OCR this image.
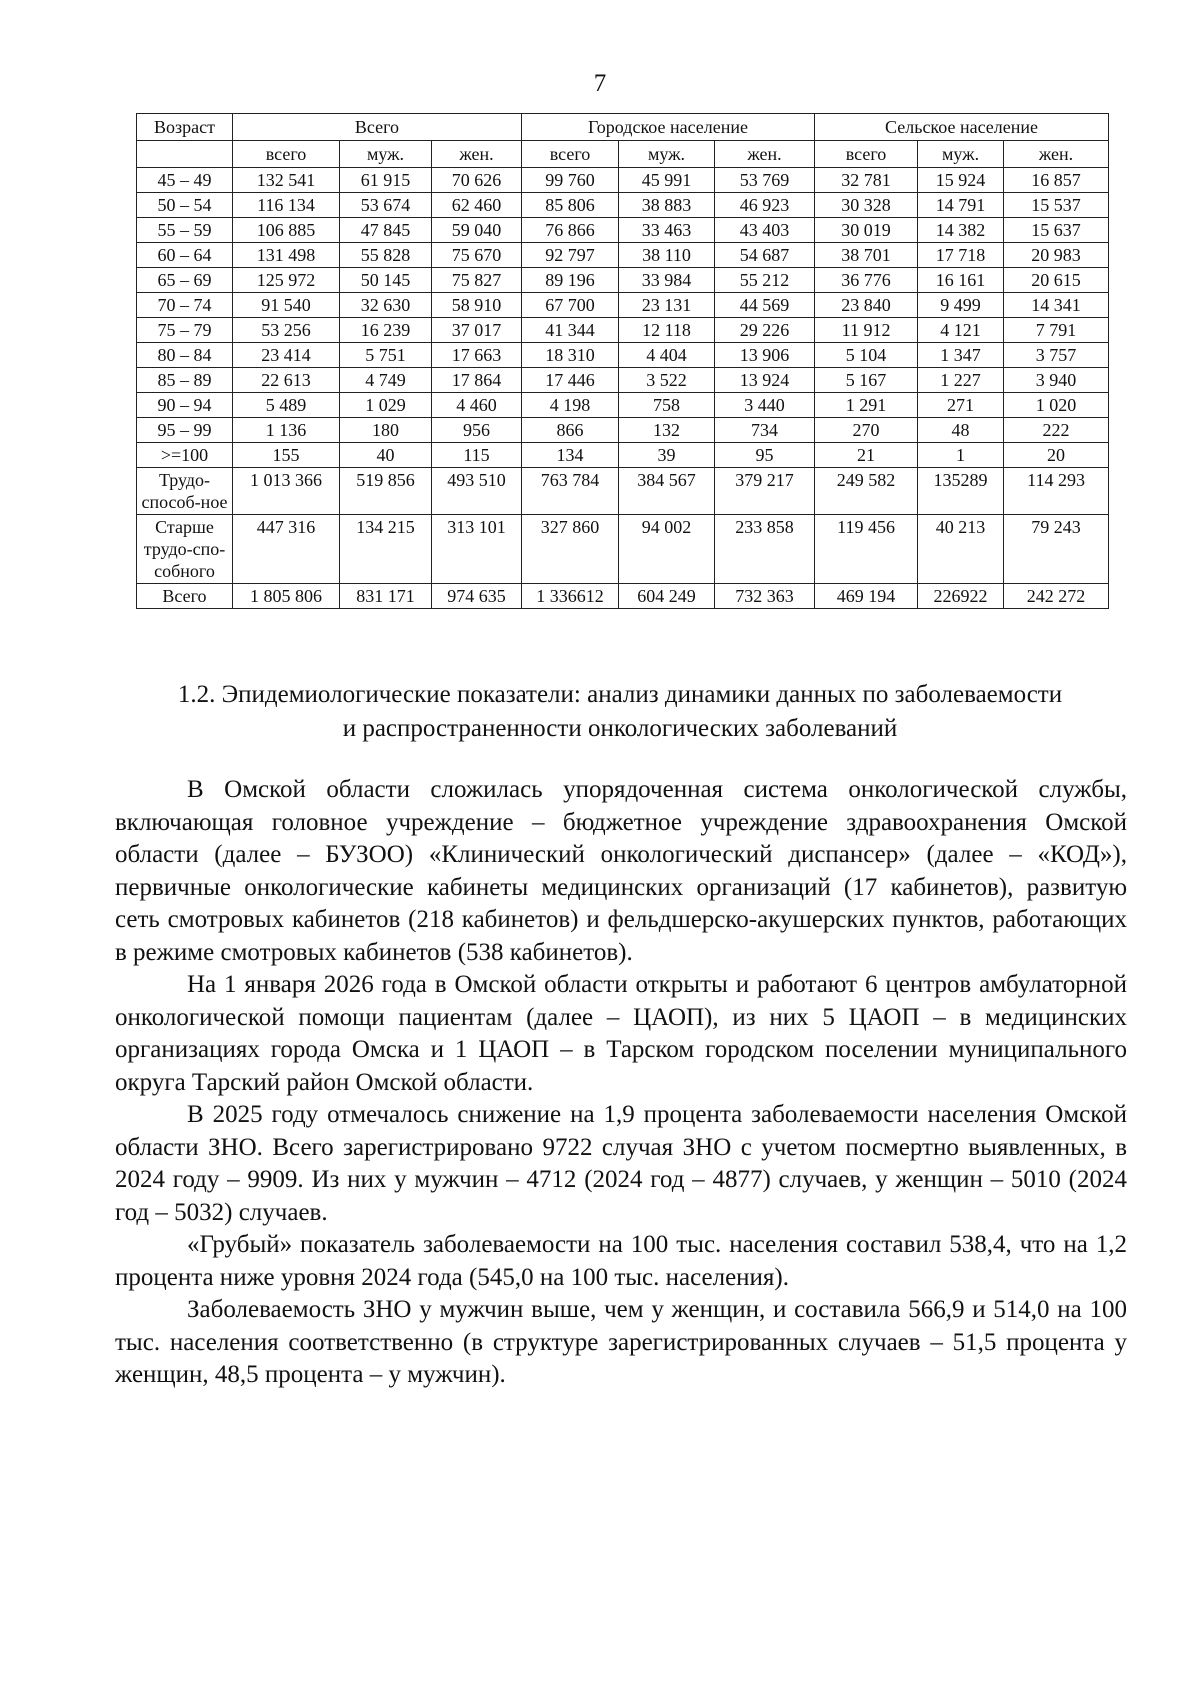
7
Возраст	Всего			Городское население			Сельское население		
	всего	муж.	жен.	всего	муж.	жен.	всего	муж.	жен.
45 – 49	132 541	61 915	70 626	99 760	45 991	53 769	32 781	15 924	16 857
50 – 54	116 134	53 674	62 460	85 806	38 883	46 923	30 328	14 791	15 537
55 – 59	106 885	47 845	59 040	76 866	33 463	43 403	30 019	14 382	15 637
60 – 64	131 498	55 828	75 670	92 797	38 110	54 687	38 701	17 718	20 983
65 – 69	125 972	50 145	75 827	89 196	33 984	55 212	36 776	16 161	20 615
70 – 74	91 540	32 630	58 910	67 700	23 131	44 569	23 840	9 499	14 341
75 – 79	53 256	16 239	37 017	41 344	12 118	29 226	11 912	4 121	7 791
80 – 84	23 414	5 751	17 663	18 310	4 404	13 906	5 104	1 347	3 757
85 – 89	22 613	4 749	17 864	17 446	3 522	13 924	5 167	1 227	3 940
90 – 94	5 489	1 029	4 460	4 198	758	3 440	1 291	271	1 020
95 – 99	1 136	180	956	866	132	734	270	48	222
>=100	155	40	115	134	39	95	21	1	20
Трудо-способ-ное	1 013 366	519 856	493 510	763 784	384 567	379 217	249 582	135289	114 293
Старше трудо-спо-собного	447 316	134 215	313 101	327 860	94 002	233 858	119 456	40 213	79 243
Всего	1 805 806	831 171	974 635	1 336612	604 249	732 363	469 194	226922	242 272
1.2. Эпидемиологические показатели: анализ динамики данных по заболеваемости
и распространенности онкологических заболеваний

В Омской области сложилась упорядоченная система онкологической службы, включающая головное учреждение – бюджетное учреждение здравоохранения Омской области (далее – БУЗОО) «Клинический онкологический диспансер» (далее – «КОД»), первичные онкологические кабинеты медицинских организаций (17 кабинетов), развитую сеть смотровых кабинетов (218 кабинетов) и фельдшерско-акушерских пунктов, работающих в режиме смотровых кабинетов (538 кабинетов).

На 1 января 2026 года в Омской области открыты и работают 6 центров амбулаторной онкологической помощи пациентам (далее – ЦАОП), из них 5 ЦАОП – в медицинских организациях города Омска и 1 ЦАОП – в Тарском городском поселении муниципального округа Тарский район Омской области.

В 2025 году отмечалось снижение на 1,9 процента заболеваемости населения Омской области ЗНО. Всего зарегистрировано 9722 случая ЗНО с учетом посмертно выявленных, в 2024 году – 9909. Из них у мужчин – 4712 (2024 год – 4877) случаев, у женщин – 5010 (2024 год – 5032) случаев.

«Грубый» показатель заболеваемости на 100 тыс. населения составил 538,4, что на 1,2 процента ниже уровня 2024 года (545,0 на 100 тыс. населения).

Заболеваемость ЗНО у мужчин выше, чем у женщин, и составила 566,9 и 514,0 на 100 тыс. населения соответственно (в структуре зарегистрированных случаев – 51,5 процента у женщин, 48,5 процента – у мужчин).
